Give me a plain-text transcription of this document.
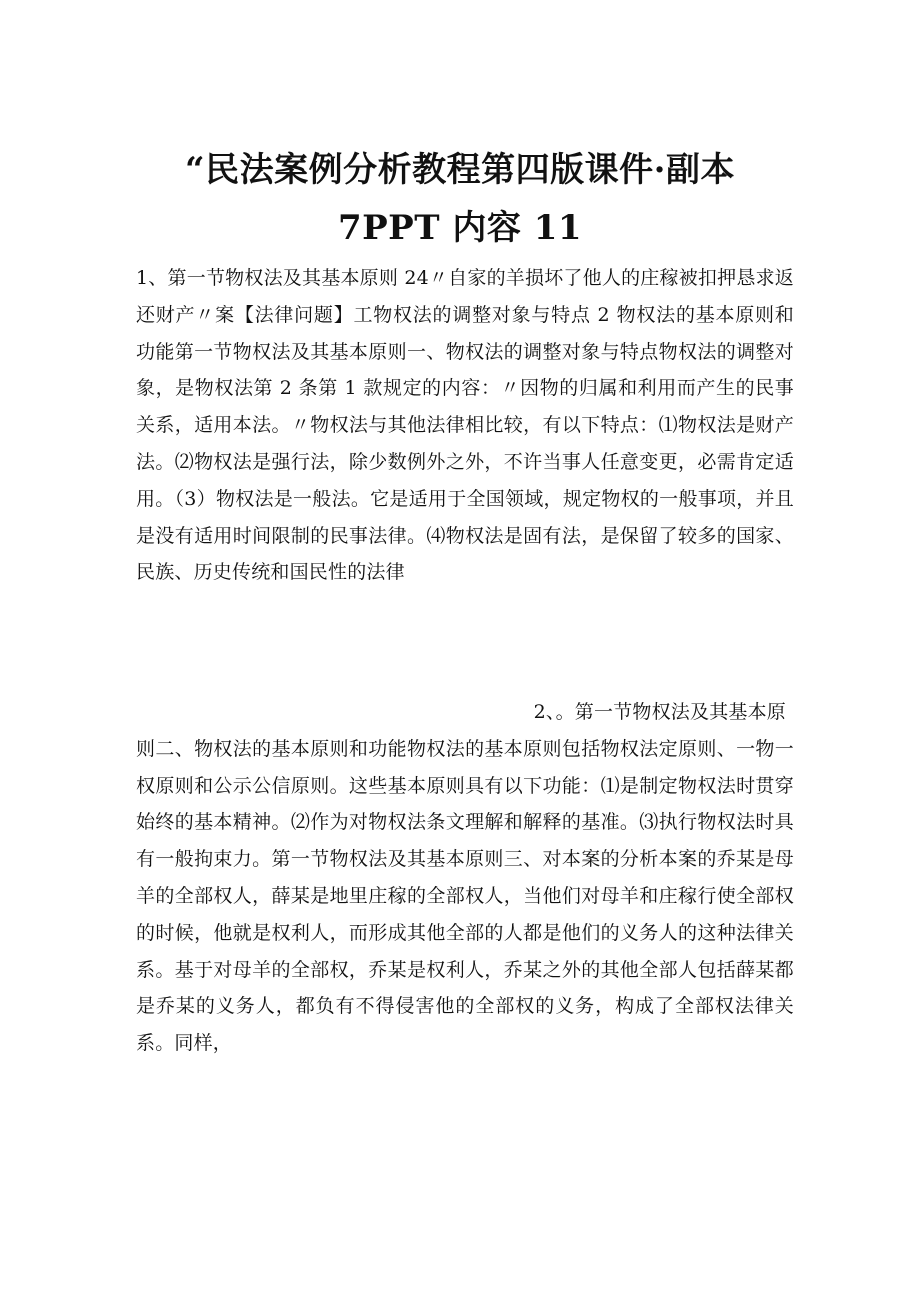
“民法案例分析教程第四版课件·副本
7PPT 内容 11

1、第一节物权法及其基本原则 24〃自家的羊损坏了他人的庄稼被扣押恳求返还财产〃案【法律问题】工物权法的调整对象与特点 2 物权法的基本原则和功能第一节物权法及其基本原则一、物权法的调整对象与特点物权法的调整对象，是物权法第 2 条第 1 款规定的内容：〃因物的归属和利用而产生的民事关系，适用本法。〃物权法与其他法律相比较，有以下特点：⑴物权法是财产法。⑵物权法是强行法，除少数例外之外，不许当事人任意变更，必需肯定适用。（3）物权法是一般法。它是适用于全国领域，规定物权的一般事项，并且是没有适用时间限制的民事法律。⑷物权法是固有法，是保留了较多的国家、民族、历史传统和国民性的法律

2、。第一节物权法及其基本原
则二、物权法的基本原则和功能物权法的基本原则包括物权法定原则、一物一权原则和公示公信原则。这些基本原则具有以下功能：⑴是制定物权法时贯穿始终的基本精神。⑵作为对物权法条文理解和解释的基准。⑶执行物权法时具有一般拘束力。第一节物权法及其基本原则三、对本案的分析本案的乔某是母羊的全部权人，薛某是地里庄稼的全部权人，当他们对母羊和庄稼行使全部权的时候，他就是权利人，而形成其他全部的人都是他们的义务人的这种法律关系。基于对母羊的全部权，乔某是权利人，乔某之外的其他全部人包括薛某都是乔某的义务人，都负有不得侵害他的全部权的义务，构成了全部权法律关系。同样，
